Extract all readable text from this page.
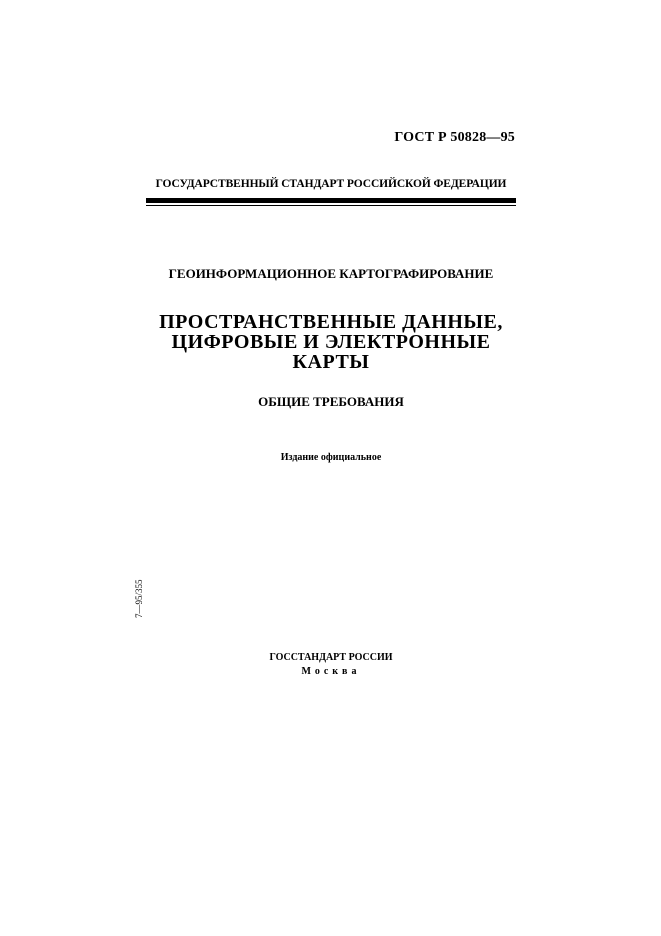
ГОСТ Р 50828—95
ГОСУДАРСТВЕННЫЙ СТАНДАРТ РОССИЙСКОЙ ФЕДЕРАЦИИ
ГЕОИНФОРМАЦИОННОЕ КАРТОГРАФИРОВАНИЕ
ПРОСТРАНСТВЕННЫЕ ДАННЫЕ,
ЦИФРОВЫЕ И ЭЛЕКТРОННЫЕ
КАРТЫ
ОБЩИЕ ТРЕБОВАНИЯ
Издание официальное
7—95/355
ГОССТАНДАРТ РОССИИ
Москва
